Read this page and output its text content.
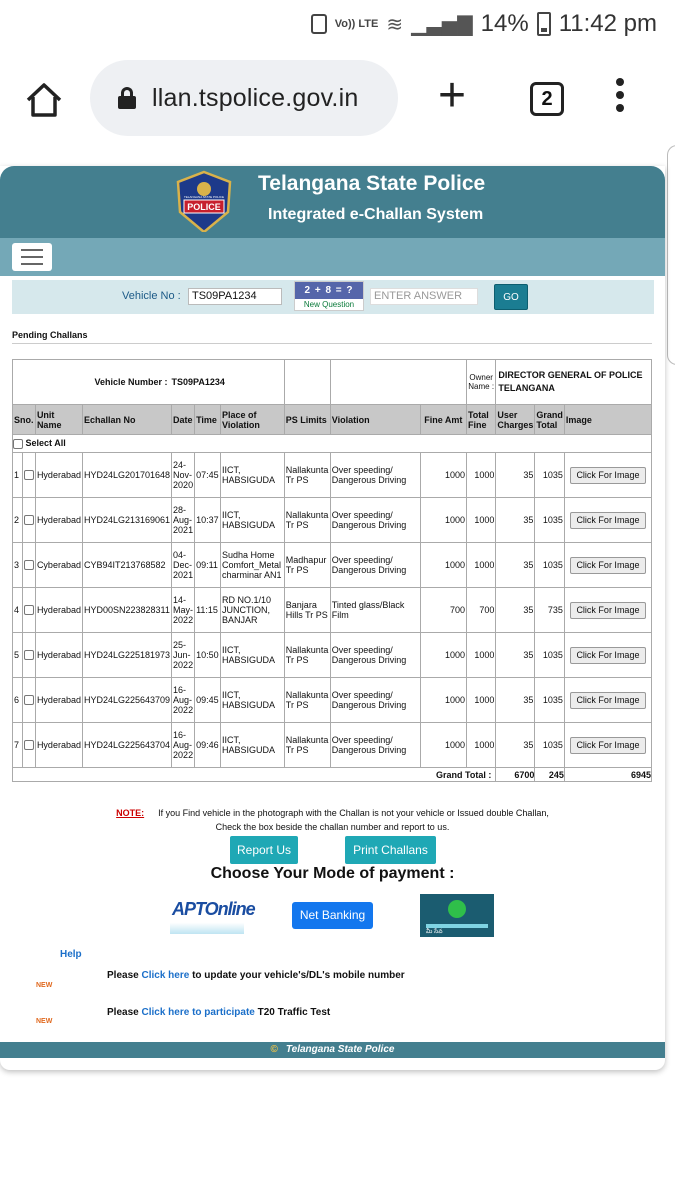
Vo)) LTE ≋ ▁▃▅▇ 14% 11:42 pm
llan.tspolice.gov.in +	2
POLICE
TELANGANA STATE POLICE
Telangana State Police
Integrated e-Challan System
Vehicle No :	TS09PA1234	2 + 8 = ?
New Question
ENTER ANSWER	GO
Pending Challans
Vehicle Number :				TS09PA1234						Owner Name :	DIRECTOR GENERAL OF POLICE TELANGANA		
Sno.		Unit Name	Echallan No	Date	Time	Place of Violation	PS Limits	Violation	Fine Amt	Total Fine	User Charges	Grand Total	Image
Select All													
1		Hyderabad	HYD24LG201701648	24-Nov-2020	07:45	IICT, HABSIGUDA	Nallakunta Tr PS	Over speeding/ Dangerous Driving	1000	1000	35	1035	Click For Image
2		Hyderabad	HYD24LG213169061	28-Aug-2021	10:37	IICT, HABSIGUDA	Nallakunta Tr PS	Over speeding/ Dangerous Driving	1000	1000	35	1035	Click For Image
3		Cyberabad	CYB94IT213768582	04-Dec-2021	09:11	Sudha Home Comfort_Metal charminar AN1	Madhapur Tr PS	Over speeding/ Dangerous Driving	1000	1000	35	1035	Click For Image
4		Hyderabad	HYD00SN223828311	14-May-2022	11:15	RD NO.1/10 JUNCTION, BANJAR	Banjara Hills Tr PS	Tinted glass/Black Film	700	700	35	735	Click For Image
5		Hyderabad	HYD24LG225181973	25-Jun-2022	10:50	IICT, HABSIGUDA	Nallakunta Tr PS	Over speeding/ Dangerous Driving	1000	1000	35	1035	Click For Image
6		Hyderabad	HYD24LG225643709	16-Aug-2022	09:45	IICT, HABSIGUDA	Nallakunta Tr PS	Over speeding/ Dangerous Driving	1000	1000	35	1035	Click For Image
7		Hyderabad	HYD24LG225643704	16-Aug-2022	09:46	IICT, HABSIGUDA	Nallakunta Tr PS	Over speeding/ Dangerous Driving	1000	1000	35	1035	Click For Image
Grand Total :											6700	245	6945
NOTE: If you Find vehicle in the photograph with the Challan is not your vehicle or Issued double Challan,
Check the box beside the challan number and report to us.
Report Us	Print Challans
Choose Your Mode of payment :
APTOnline	Net Banking
మీ సేవ
Help
NEW
Please Click here to update your vehicle's/DL's mobile number
NEW
Please Click here to participate T20 Traffic Test
© Telangana State Police
